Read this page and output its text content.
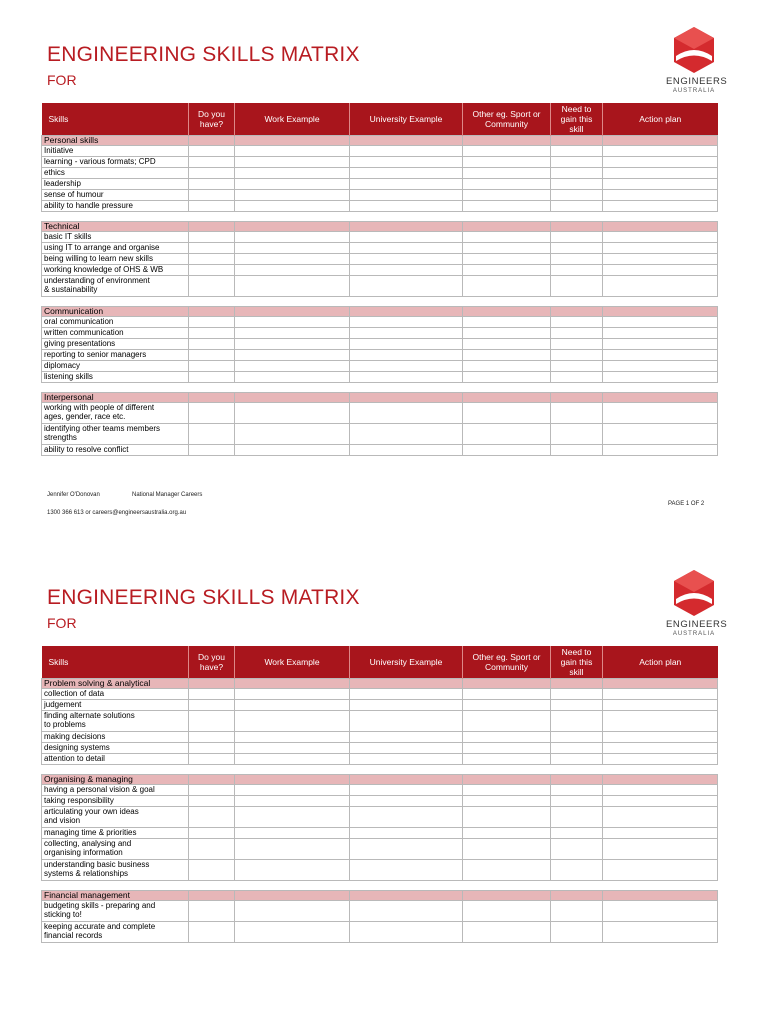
ENGINEERING SKILLS MATRIX
FOR	ENGINEERS
AUSTRALIA
Skills	Do you have?	Work Example	University Example	Other eg. Sport or Community	Need to gain this skill	Action plan
Personal skills						
Initiative						
learning - various formats; CPD						
ethics						
leadership						
sense of humour						
ability to handle pressure						

Technical						
basic IT skills						
using IT to arrange and organise						
being willing to learn new skills						
working knowledge of OHS & WB						
understanding of environment
& sustainability						

Communication						
oral communication						
written communication						
giving presentations						
reporting to senior managers						
diplomacy						
listening skills						

Interpersonal						
working with people of different
ages, gender, race etc.						
identifying other teams members
strengths						
ability to resolve conflict						
Jennifer O'Donovan	National Manager Careers
1300 366 613 or careers@engineersaustralia.org.au
PAGE 1 OF 2
ENGINEERING SKILLS MATRIX
FOR	ENGINEERS
AUSTRALIA
Skills	Do you have?	Work Example	University Example	Other eg. Sport or Community	Need to gain this skill	Action plan
Problem solving & analytical						
collection of data						
judgement						
finding alternate solutions
to problems						
making decisions						
designing systems						
attention to detail						

Organising & managing						
having a personal vision & goal						
taking responsibility						
articulating your own ideas
and vision						
managing time & priorities						
collecting, analysing and
organising information						
understanding basic business
systems & relationships						

Financial management						
budgeting skills - preparing and
sticking to!						
keeping accurate and complete
financial records						
